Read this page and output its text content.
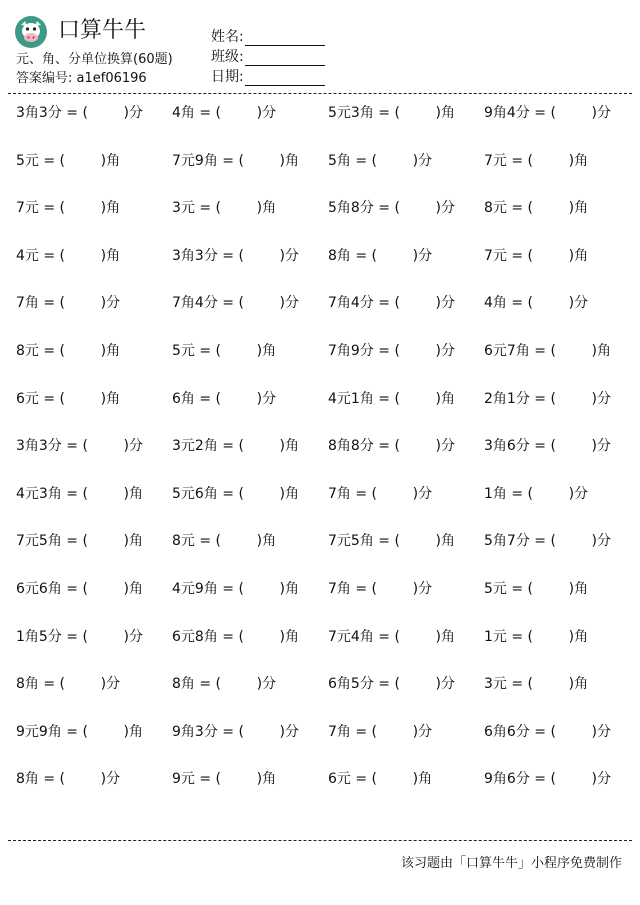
口算牛牛
元、角、分单位换算(60题)
答案编号: a1ef06196
姓名:
班级:
日期:
3角3分 = (        )分 4角 = (        )分	5元3角 = (        )角 9角4分 = (        )分
5元 = (        )角	7元9角 = (        )角 5角 = (        )分	7元 = (        )角
7元 = (        )角	3元 = (        )角	5角8分 = (        )分 8元 = (        )角
4元 = (        )角	3角3分 = (        )分 8角 = (        )分	7元 = (        )角
7角 = (        )分	7角4分 = (        )分 7角4分 = (        )分 4角 = (        )分
8元 = (        )角	5元 = (        )角	7角9分 = (        )分 6元7角 = (        )角
6元 = (        )角	6角 = (        )分	4元1角 = (        )角 2角1分 = (        )分
3角3分 = (        )分 3元2角 = (        )角 8角8分 = (        )分 3角6分 = (        )分
4元3角 = (        )角 5元6角 = (        )角 7角 = (        )分	1角 = (        )分
7元5角 = (        )角 8元 = (        )角	7元5角 = (        )角 5角7分 = (        )分
6元6角 = (        )角 4元9角 = (        )角 7角 = (        )分	5元 = (        )角
1角5分 = (        )分 6元8角 = (        )角 7元4角 = (        )角 1元 = (        )角
8角 = (        )分	8角 = (        )分	6角5分 = (        )分 3元 = (        )角
9元9角 = (        )角 9角3分 = (        )分 7角 = (        )分	6角6分 = (        )分
8角 = (        )分	9元 = (        )角	6元 = (        )角	9角6分 = (        )分
该习题由「口算牛牛」小程序免费制作
